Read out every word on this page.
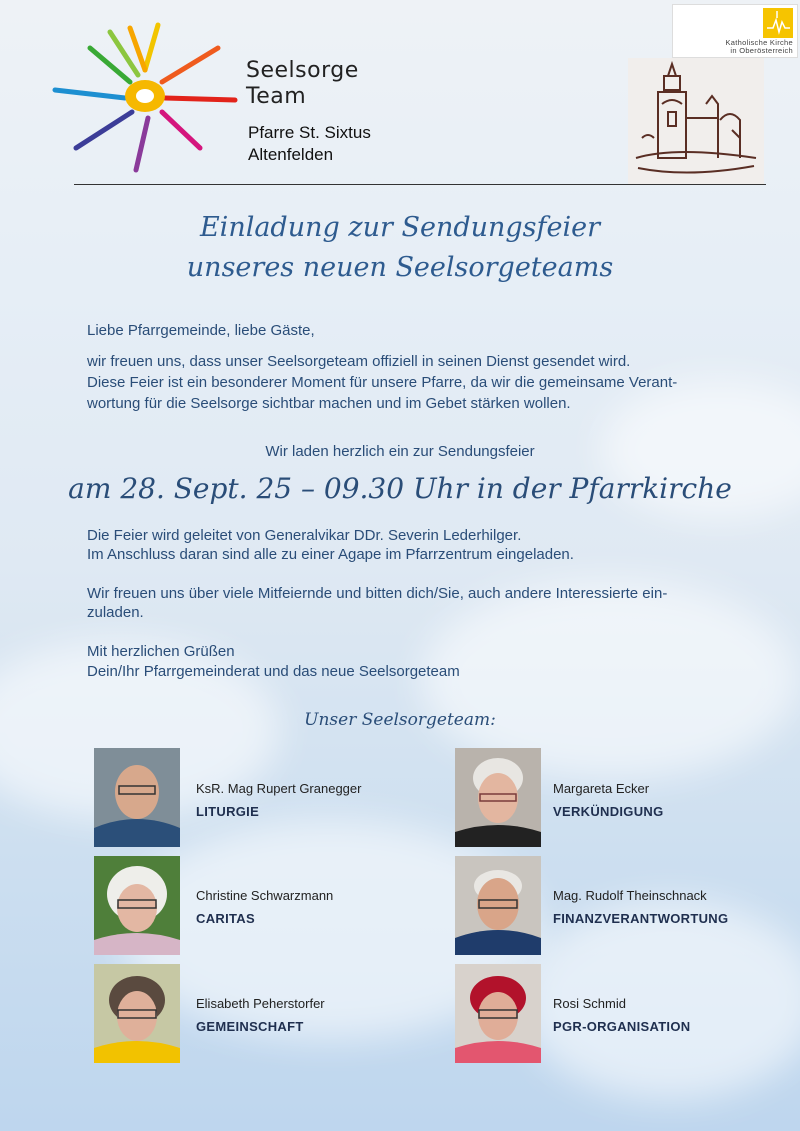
Seelsorge
Team
Pfarre St. Sixtus
Altenfelden
Katholische Kirche
in Oberösterreich
Einladung zur Sendungsfeier
unseres neuen Seelsorgeteams
Liebe Pfarrgemeinde, liebe Gäste,
wir freuen uns, dass unser Seelsorgeteam offiziell in seinen Dienst gesendet wird.
Diese Feier ist ein besonderer Moment für unsere Pfarre, da wir die gemeinsame Verant-
wortung für die Seelsorge sichtbar machen und im Gebet stärken wollen.
Wir laden herzlich ein zur Sendungsfeier
am 28. Sept. 25 – 09.30 Uhr in der Pfarrkirche
Die Feier wird geleitet von Generalvikar DDr. Severin Lederhilger.
Im Anschluss daran sind alle zu einer Agape im Pfarrzentrum eingeladen.
Wir freuen uns über viele Mitfeiernde und bitten dich/Sie, auch andere Interessierte ein-
zuladen.
Mit herzlichen Grüßen
Dein/Ihr Pfarrgemeinderat und das neue Seelsorgeteam
Unser Seelsorgeteam:
KsR. Mag Rupert Granegger
LITURGIE
Margareta Ecker
VERKÜNDIGUNG
Christine Schwarzmann
CARITAS
Mag. Rudolf Theinschnack
FINANZVERANTWORTUNG
Elisabeth Peherstorfer
GEMEINSCHAFT
Rosi Schmid
PGR-ORGANISATION
